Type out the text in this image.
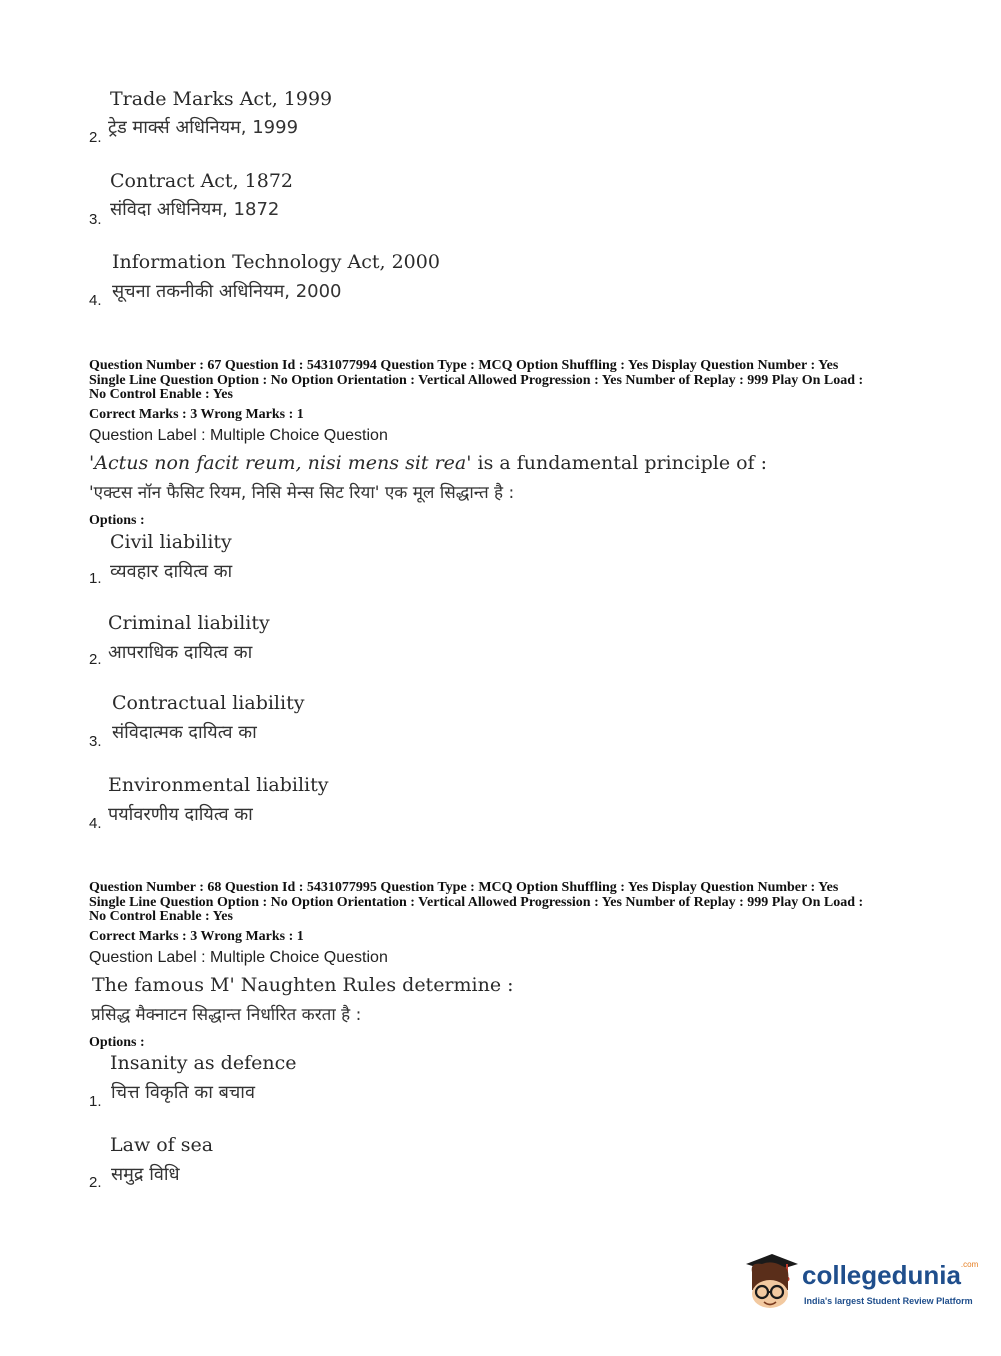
Trade Marks Act, 1999
2. ट्रेड मार्क्स अधिनियम, 1999
Contract Act, 1872
3. संविदा अधिनियम, 1872
Information Technology Act, 2000
4. सूचना तकनीकी अधिनियम, 2000
Question Number : 67 Question Id : 5431077994 Question Type : MCQ Option Shuffling : Yes Display Question Number : Yes
Single Line Question Option : No Option Orientation : Vertical Allowed Progression : Yes Number of Replay : 999 Play On Load :
No Control Enable : Yes
Correct Marks : 3 Wrong Marks : 1
Question Label : Multiple Choice Question
'Actus non facit reum, nisi mens sit rea' is a fundamental principle of :
'एक्टस नॉन फैसिट रियम, निसि मेन्स सिट रिया' एक मूल सिद्धान्त है :
Options :
Civil liability
1. व्यवहार दायित्व का
Criminal liability
2. आपराधिक दायित्व का
Contractual liability
3. संविदात्मक दायित्व का
Environmental liability
4. पर्यावरणीय दायित्व का
Question Number : 68 Question Id : 5431077995 Question Type : MCQ Option Shuffling : Yes Display Question Number : Yes
Single Line Question Option : No Option Orientation : Vertical Allowed Progression : Yes Number of Replay : 999 Play On Load :
No Control Enable : Yes
Correct Marks : 3 Wrong Marks : 1
Question Label : Multiple Choice Question
The famous M' Naughten Rules determine :
प्रसिद्ध मैक्नाटन सिद्धान्त निर्धारित करता है :
Options :
Insanity as defence
1. चित्त विकृति का बचाव
Law of sea
2. समुद्र विधि
collegedunia$^{.com}$
India's largest Student Review Platform
